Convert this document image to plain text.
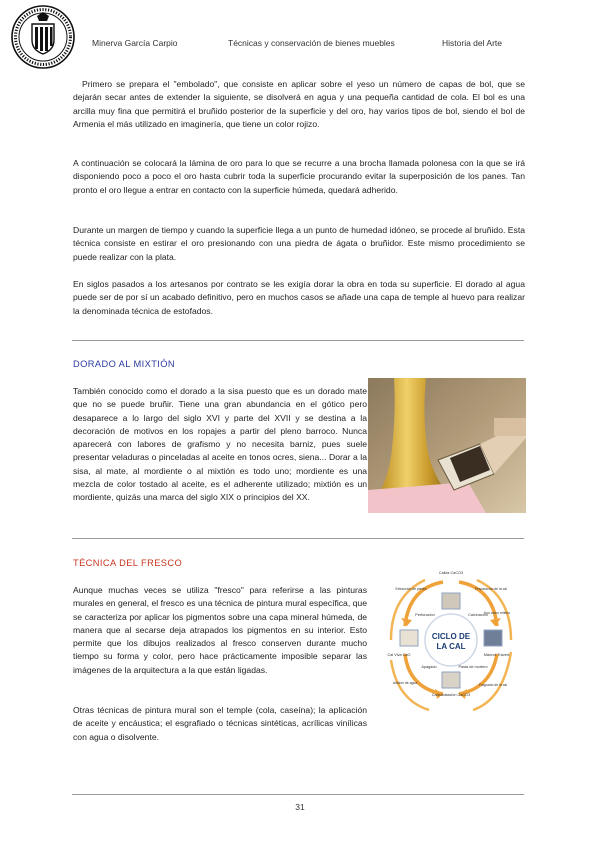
Minerva García Carpio	Técnicas y conservación de bienes muebles	Historia del Arte

Primero se prepara el "embolado", que consiste en aplicar sobre el yeso un número de capas de bol, que se dejarán secar antes de extender la siguiente, se disolverá en agua y una pequeña cantidad de cola. El bol es una arcilla muy fina que permitirá el bruñido posterior de la superficie y del oro, hay varios tipos de bol, siendo el bol de Armenia el más utilizado en imaginería, que tiene un color rojizo.

A continuación se colocará la lámina de oro para lo que se recurre a una brocha llamada polonesa con la que se irá disponiendo poco a poco el oro hasta cubrir toda la superficie procurando evitar la superposición de los panes. Tan pronto el oro llegue a entrar en contacto con la superficie húmeda, quedará adherido.

Durante un margen de tiempo y cuando la superficie llega a un punto de humedad idóneo, se procede al bruñido. Esta técnica consiste en estirar el oro presionando con una piedra de ágata o bruñidor. Este mismo procedimiento se puede realizar con la plata.

En siglos pasados a los artesanos por contrato se les exigía dorar la obra en toda su superficie. El dorado al agua puede ser de por sí un acabado definitivo, pero en muchos casos se añade una capa de temple al huevo para realizar la denominada técnica de estofados.

DORADO AL MIXTIÓN

También conocido como el dorado a la sisa puesto que es un dorado mate que no se puede bruñir. Tiene una gran abundancia en el gótico pero desaparece a lo largo del siglo XVI y parte del XVII y se destina a la decoración de motivos en los ropajes a partir del pleno barroco. Nunca aparecerá con labores de grafismo y no necesita barniz, pues suele presentar veladuras o pinceladas al aceite en tonos ocres, siena... Dorar a la sisa, al mate, al mordiente o al mixtión es todo uno; mordiente es una mezcla de color tostado al aceite, es el adherente utilizado; mixtión es un mordiente, quizás una marca del siglo XIX o principios del XX.

TÉCNICA DEL FRESCO

Aunque muchas veces se utiliza "fresco" para referirse a las pinturas murales en general, el fresco es una técnica de pintura mural específica, que se caracteriza por aplicar los pigmentos sobre una capa mineral húmeda, de manera que al secarse deja atrapados los pigmentos en su interior. Esto permite que los dibujos realizados al fresco conserven durante mucho tiempo su forma y color, pero hace prácticamente imposible separar las imágenes de la arquitectura a la que están ligadas.

Otras técnicas de pintura mural son el temple (cola, caseína); la aplicación de aceite y encáustica; el esgrafiado o técnicas sintéticas, acrílicas vinílicas con agua o disolvente.

CICLO DE
LA CAL
Caliza CaCO3
Mármol Travert.
Carbonatación CaCO3
Cal Viva CaO
Perforación	Calcinación
Apagado	Pasta de mortero
Extracción de piedra	Preparación de la cal
Uso como relleno
Fraguado de la cal
Adición de agua
31
